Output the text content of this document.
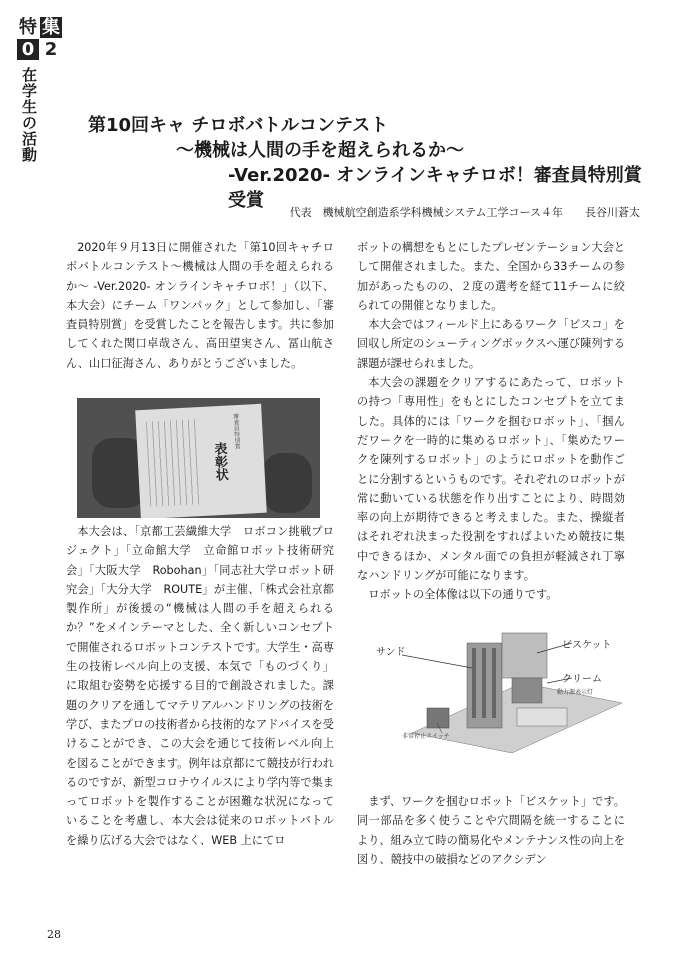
特 集
0 2
在学生の活動	第10回キャ チロボバトルコンテスト
〜機械は人間の手を超えられるか〜
-Ver.2020- オンラインキャチロボ！審査員特別賞受賞
代表　機械航空創造系学科機械システム工学コース４年　　長谷川蒼太

2020年９月13日に開催された「第10回キャチロボバトルコンテスト〜機械は人間の手を超えられるか〜 -Ver.2020- オンラインキャチロボ！」（以下、本大会）にチーム「ワンパック」として参加し、「審査員特別賞」を受賞したことを報告します。共に参加してくれた関口卓哉さん、高田望実さん、冨山航さん、山口征海さん、ありがとうございました。

表彰状
審査員特別賞

本大会は、「京都工芸繊維大学　ロボコン挑戦プロジェクト」「立命館大学　立命館ロボット技術研究会」「大阪大学　Robohan」「同志社大学ロボット研究会」「大分大学　ROUTE」が主催、「株式会社京都製作所」が後援の“機械は人間の手を超えられるか？”をメインテーマとした、全く新しいコンセプトで開催されるロボットコンテストです。大学生・高専生の技術レベル向上の支援、本気で「ものづくり」に取組む姿勢を応援する目的で創設されました。課題のクリアを通してマテリアルハンドリングの技術を学び、またプロの技術者から技術的なアドバイスを受けることができ、この大会を通じて技術レベル向上を図ることができます。例年は京都にて競技が行われるのですが、新型コロナウイルスにより学内等で集まってロボットを製作することが困難な状況になっていることを考慮し、本大会は従来のロボットバトルを繰り広げる大会ではなく、WEB 上にてロ

ボットの構想をもとにしたプレゼンテーション大会として開催されました。また、全国から33チームの参加があったものの、２度の選考を経て11チームに絞られての開催となりました。

本大会ではフィールド上にあるワーク「ビスコ」を回収し所定のシューティングボックスへ運び陳列する課題が課せられました。

本大会の課題をクリアするにあたって、ロボットの持つ「専用性」をもとにしたコンセプトを立てました。具体的には「ワークを掴むロボット」、「掴んだワークを一時的に集めるロボット」、「集めたワークを陳列するロボット」のようにロボットを動作ごとに分割するというものです。それぞれのロボットが常に動いている状態を作り出すことにより、時間効率の向上が期待できると考えました。また、操縦者はそれぞれ決まった役割をすればよいため競技に集中できるほか、メンタル面での負担が軽減され丁寧なハンドリングが可能になります。

ロボットの全体像は以下の通りです。

サンド
ビスケット
クリーム
動力源表示灯
非常停止スイッチ

まず、ワークを掴むロボット「ビスケット」です。同一部品を多く使うことや穴間隔を統一することにより、組み立て時の簡易化やメンテナンス性の向上を図り、競技中の破損などのアクシデン

28
